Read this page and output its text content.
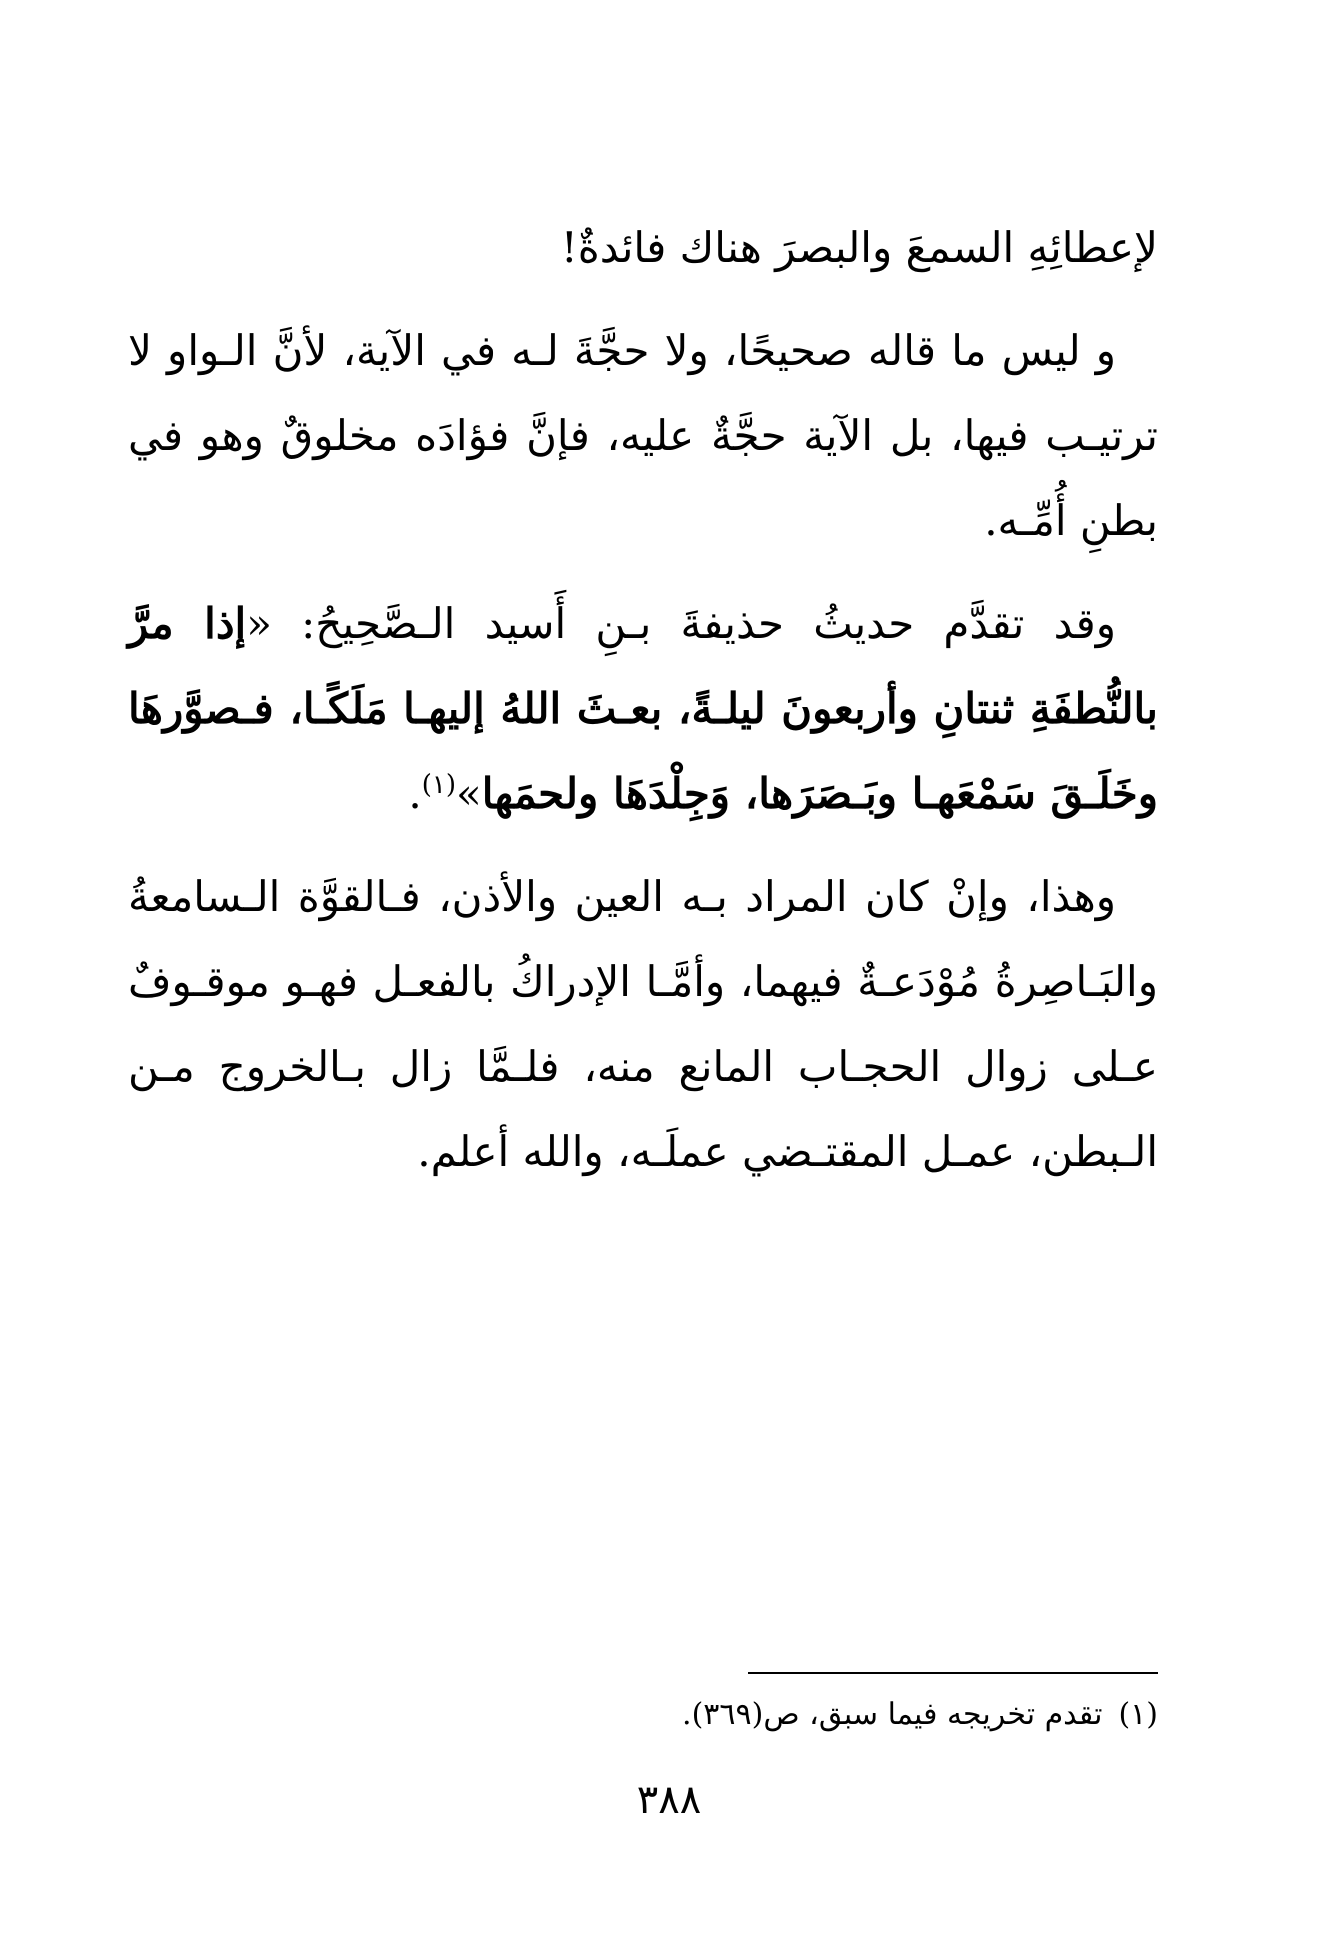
لإعطائِهِ السمعَ والبصرَ هناك فائدةٌ!

و ليس ما قاله صحيحًا، ولا حجَّةَ لـه في الآية، لأنَّ الـواو لا ترتيـب فيها، بل الآية حجَّةٌ عليه، فإنَّ فؤادَه مخلوقٌ وهو في بطنِ أُمِّـه.

وقد تقدَّم حديثُ حذيفةَ بـنِ أَسيد الـصَّحِيحُ: «إذا مرَّ بالنُّطفَةِ ثنتانِ وأربعونَ ليلـةً، بعـثَ اللهُ إليهـا مَلَكًـا، فـصوَّرهَا وخَلَـقَ سَمْعَهـا وبَـصَرَها، وَجِلْدَهَا ولحمَها»$^{(١)}$.

وهذا، وإنْ كان المراد بـه العين والأذن، فـالقوَّة الـسامعةُ والبَـاصِرةُ مُوْدَعـةٌ فيهما، وأمَّـا الإدراكُ بالفعـل فهـو موقـوفٌ عـلى زوال الحجـاب المانع منه، فلـمَّا زال بـالخروج مـن الـبطن، عمـل المقتـضي عملَـه، والله أعلم.

(١)تقدم تخريجه فيما سبق، ص(٣٦٩).
٣٨٨
